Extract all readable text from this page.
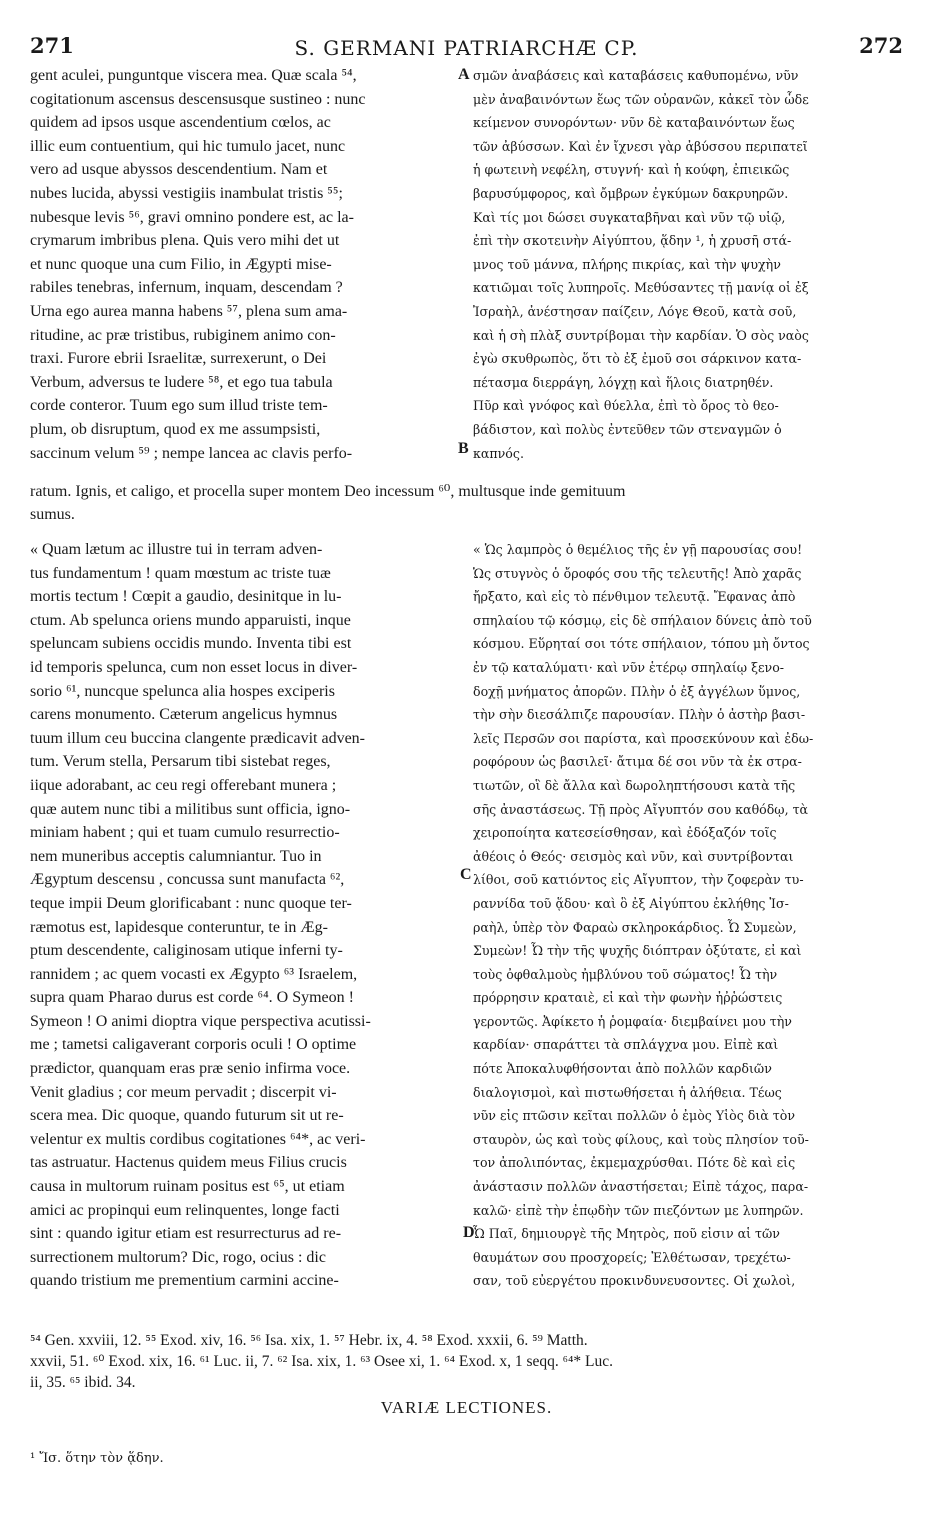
271	S. GERMANI PATRIARCHÆ CP.	272
gent aculei, punguntque viscera mea. Quæ scala ⁵⁴,
cogitationum ascensus descensusque sustineo : nunc
quidem ad ipsos usque ascendentium cœlos, ac
illic eum contuentium, qui hic tumulo jacet, nunc
vero ad usque abyssos descendentium. Nam et
nubes lucida, abyssi vestigiis inambulat tristis ⁵⁵;
nubesque levis ⁵⁶, gravi omnino pondere est, ac la-
crymarum imbribus plena. Quis vero mihi det ut
et nunc quoque una cum Filio, in Ægypti mise-
rabiles tenebras, infernum, inquam, descendam ?
Urna ego aurea manna habens ⁵⁷, plena sum ama-
ritudine, ac præ tristibus, rubiginem animo con-
traxi. Furore ebrii Israelitæ, surrexerunt, o Dei
Verbum, adversus te ludere ⁵⁸, et ego tua tabula
corde conteror. Tuum ego sum illud triste tem-
plum, ob disruptum, quod ex me assumpsisti,
saccinum velum ⁵⁹ ; nempe lancea ac clavis perfo-
σμῶν ἀναβάσεις καὶ καταβάσεις καθυπομένω, νῦν
μὲν ἀναβαινόντων ἕως τῶν οὐρανῶν, κἀκεῖ τὸν ὧδε
κείμενον συνορόντων· νῦν δὲ καταβαινόντων ἕως
τῶν ἀβύσσων. Καὶ ἐν ἴχνεσι γὰρ ἀβύσσου περιπατεῖ
ἡ φωτεινὴ νεφέλη, στυγνή· καὶ ἡ κούφη, ἐπιεικῶς
βαρυσύμφορος, καὶ ὄμβρων ἐγκύμων δακρυηρῶν.
Καὶ τίς μοι δώσει συγκαταβῆναι καὶ νῦν τῷ υἱῷ,
ἐπὶ τὴν σκοτεινὴν Αἰγύπτου, ᾅδην ¹, ἡ χρυσῆ στά-
μνος τοῦ μάννα, πλήρης πικρίας, καὶ τὴν ψυχὴν
κατιῶμαι τοῖς λυπηροῖς. Μεθύσαντες τῇ μανίᾳ οἱ ἐξ
Ἰσραὴλ, ἀνέστησαν παίζειν, Λόγε Θεοῦ, κατὰ σοῦ,
καὶ ἡ σὴ πλὰξ συντρίβομαι τὴν καρδίαν. Ὁ σὸς ναὸς
ἐγὼ σκυθρωπὸς, ὅτι τὸ ἐξ ἐμοῦ σοι σάρκινον κατα-
πέτασμα διερράγη, λόγχῃ καὶ ἥλοις διατρηθέν.
Πῦρ καὶ γνόφος καὶ θύελλα, ἐπὶ τὸ ὄρος τὸ θεο-
βάδιστον, καὶ πολὺς ἐντεῦθεν τῶν στεναγμῶν ὁ
καπνός.
A
B
ratum. Ignis, et caligo, et procella super montem Deo incessum ⁶⁰, multusque inde gemituum
sumus.
« Quam lætum ac illustre tui in terram adven-
tus fundamentum ! quam mœstum ac triste tuæ
mortis tectum ! Cœpit a gaudio, desinitque in lu-
ctum. Ab spelunca oriens mundo apparuisti, inque
speluncam subiens occidis mundo. Inventa tibi est
id temporis spelunca, cum non esset locus in diver-
sorio ⁶¹, nuncque spelunca alia hospes exciperis
carens monumento. Cæterum angelicus hymnus
tuum illum ceu buccina clangente prædicavit adven-
tum. Verum stella, Persarum tibi sistebat reges,
iique adorabant, ac ceu regi offerebant munera ;
quæ autem nunc tibi a militibus sunt officia, igno-
miniam habent ; qui et tuam cumulo resurrectio-
nem muneribus acceptis calumniantur. Tuo in
Ægyptum descensu , concussa sunt manufacta ⁶²,
teque impii Deum glorificabant : nunc quoque ter-
ræmotus est, lapidesque conteruntur, te in Æg-
ptum descendente, caliginosam utique inferni ty-
rannidem ; ac quem vocasti ex Ægypto ⁶³ Israelem,
supra quam Pharao durus est corde ⁶⁴. O Symeon !
Symeon ! O animi dioptra vique perspectiva acutissi-
me ; tametsi caligaverant corporis oculi ! O optime
prædictor, quanquam eras præ senio infirma voce.
Venit gladius ; cor meum pervadit ; discerpit vi-
scera mea. Dic quoque, quando futurum sit ut re-
velentur ex multis cordibus cogitationes ⁶⁴*, ac veri-
tas astruatur. Hactenus quidem meus Filius crucis
causa in multorum ruinam positus est ⁶⁵, ut etiam
amici ac propinqui eum relinquentes, longe facti
sint : quando igitur etiam est resurrecturus ad re-
surrectionem multorum? Dic, rogo, ocius : dic
quando tristium me prementium carmini accine-
« Ὡς λαμπρὸς ὁ θεμέλιος τῆς ἐν γῇ παρουσίας σου!
Ὡς στυγνὸς ὁ ὄροφός σου τῆς τελευτῆς! Ἀπὸ χαρᾶς
ἤρξατο, καὶ εἰς τὸ πένθιμον τελευτᾷ. Ἔφανας ἀπὸ
σπηλαίου τῷ κόσμῳ, εἰς δὲ σπήλαιον δύνεις ἀπὸ τοῦ
κόσμου. Εὕρηταί σοι τότε σπήλαιον, τόπου μὴ ὄντος
ἐν τῷ καταλύματι· καὶ νῦν ἑτέρῳ σπηλαίῳ ξενο-
δοχῇ μνήματος ἀπορῶν. Πλὴν ὁ ἐξ ἀγγέλων ὕμνος,
τὴν σὴν διεσάλπιζε παρουσίαν. Πλὴν ὁ ἀστὴρ βασι-
λεῖς Περσῶν σοι παρίστα, καὶ προσεκύνουν καὶ ἐδω-
ροφόρουν ὡς βασιλεῖ· ἄτιμα δέ σοι νῦν τὰ ἐκ στρα-
τιωτῶν, οἳ δὲ ἄλλα καὶ δωροληπτήσουσι κατὰ τῆς
σῆς ἀναστάσεως. Τῇ πρὸς Αἴγυπτόν σου καθόδῳ, τὰ
χειροποίητα κατεσείσθησαν, καὶ ἐδόξαζόν τοῖς
ἀθέοις ὁ Θεός· σεισμὸς καὶ νῦν, καὶ συντρίβονται
λίθοι, σοῦ κατιόντος εἰς Αἴγυπτον, τὴν ζοφερὰν τυ-
ραννίδα τοῦ ᾅδου· καὶ ὃ ἐξ Αἰγύπτου ἐκλήθης Ἰσ-
ραὴλ, ὑπὲρ τὸν Φαραὼ σκληροκάρδιος. Ὦ Συμεὼν,
Συμεὼν! Ὦ τὴν τῆς ψυχῆς διόπτραν ὀξύτατε, εἰ καὶ
τοὺς ὀφθαλμοὺς ἠμβλύνου τοῦ σώματος! Ὦ τὴν
πρόρρησιν κραταιὲ, εἰ καὶ τὴν φωνὴν ἠῤῥώστεις
γεροντῶς. Ἀφίκετο ἡ ῥομφαία· διεμβαίνει μου τὴν
καρδίαν· σπαράττει τὰ σπλάγχνα μου. Εἰπὲ καὶ
πότε Ἀποκαλυφθήσονται ἀπὸ πολλῶν καρδιῶν
διαλογισμοὶ, καὶ πιστωθήσεται ἡ ἀλήθεια. Τέως
νῦν εἰς πτῶσιν κεῖται πολλῶν ὁ ἐμὸς Υἱὸς διὰ τὸν
σταυρὸν, ὡς καὶ τοὺς φίλους, καὶ τοὺς πλησίον τοῦ-
τον ἀπολιπόντας, ἐκμεμαχρύσθαι. Πότε δὲ καὶ εἰς
ἀνάστασιν πολλῶν ἀναστήσεται; Εἰπὲ τάχος, παρα-
καλῶ· εἰπὲ τὴν ἐπῳδὴν τῶν πιεζόντων με λυπηρῶν.
Ὦ Παῖ, δημιουργὲ τῆς Μητρὸς, ποῦ εἰσιν αἱ τῶν
θαυμάτων σου προσχορείς; Ἐλθέτωσαν, τρεχέτω-
σαν, τοῦ εὐεργέτου προκινδυνευσοντες. Οἱ χωλοὶ,
C
D
⁵⁴ Gen. xxviii, 12. ⁵⁵ Exod. xiv, 16. ⁵⁶ Isa. xix, 1. ⁵⁷ Hebr. ix, 4. ⁵⁸ Exod. xxxii, 6. ⁵⁹ Matth.
xxvii, 51. ⁶⁰ Exod. xix, 16. ⁶¹ Luc. ii, 7. ⁶² Isa. xix, 1. ⁶³ Osee xi, 1. ⁶⁴ Exod. x, 1 seqq. ⁶⁴* Luc.
ii, 35. ⁶⁵ ibid. 34.
VARIÆ LECTIONES.
¹ Ἴσ. ὅτην τὸν ᾅδην.
